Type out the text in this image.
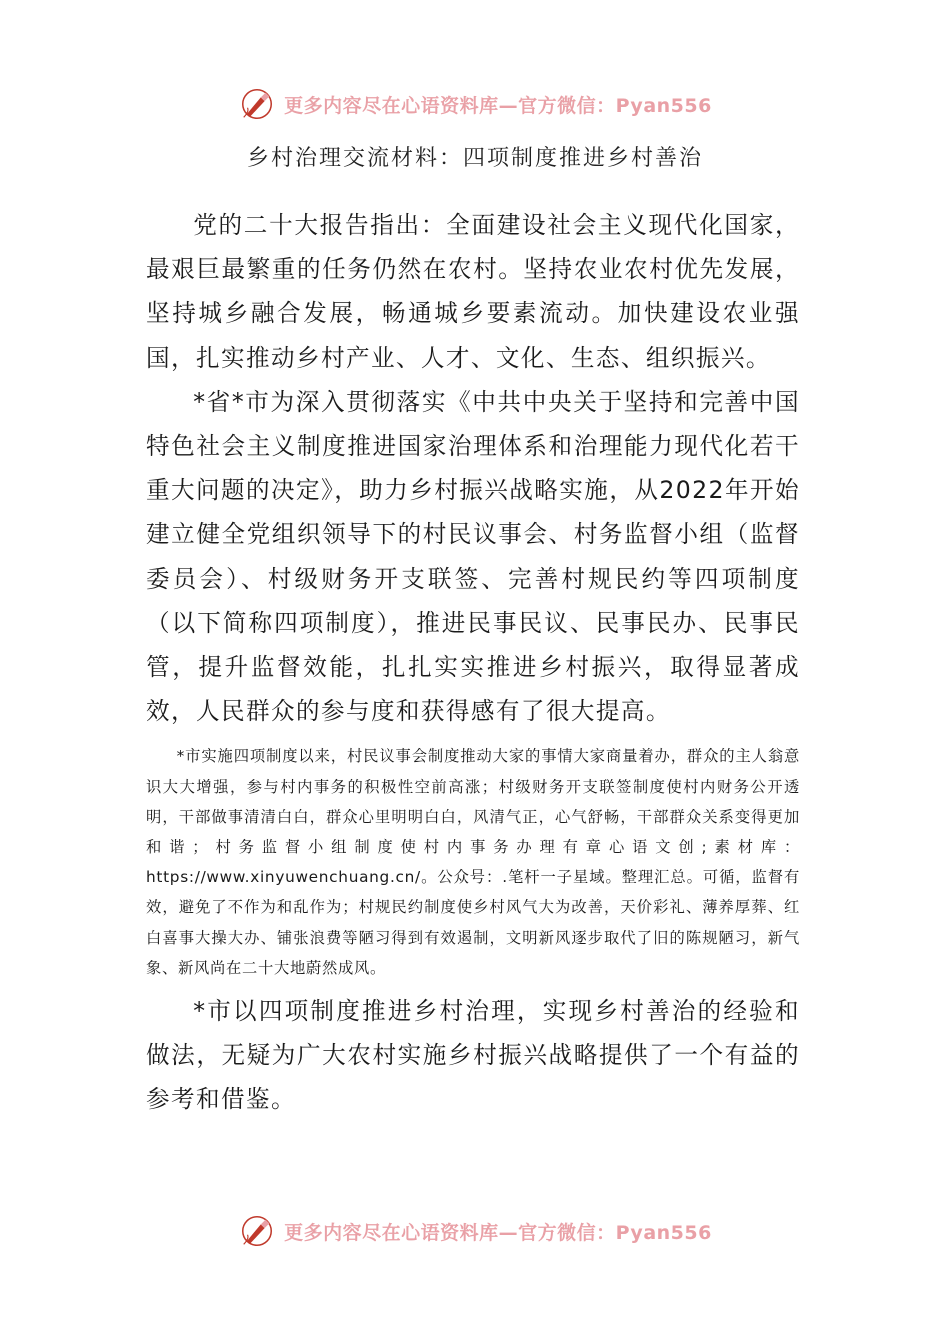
更多内容尽在心语资料库—官方微信：Pyan556
乡村治理交流材料：四项制度推进乡村善治

党的二十大报告指出：全面建设社会主义现代化国家，最艰巨最繁重的任务仍然在农村。坚持农业农村优先发展，坚持城乡融合发展，畅通城乡要素流动。加快建设农业强国，扎实推动乡村产业、人才、文化、生态、组织振兴。

*省*市为深入贯彻落实《中共中央关于坚持和完善中国特色社会主义制度推进国家治理体系和治理能力现代化若干重大问题的决定》，助力乡村振兴战略实施，从2022年开始建立健全党组织领导下的村民议事会、村务监督小组（监督委员会）、村级财务开支联签、完善村规民约等四项制度（以下简称四项制度），推进民事民议、民事民办、民事民管，提升监督效能，扎扎实实推进乡村振兴，取得显著成效，人民群众的参与度和获得感有了很大提高。

*市实施四项制度以来，村民议事会制度推动大家的事情大家商量着办，群众的主人翁意识大大增强，参与村内事务的积极性空前高涨；村级财务开支联签制度使村内财务公开透明，干部做事清清白白，群众心里明明白白，风清气正，心气舒畅，干部群众关系变得更加和谐；村务监督小组制度使村内事务办理有章心语文创;素材库：https://www.xinyuwenchuang.cn/。公众号：.笔杆一子星域。整理汇总。可循，监督有效，避免了不作为和乱作为；村规民约制度使乡村风气大为改善，天价彩礼、薄养厚葬、红白喜事大操大办、铺张浪费等陋习得到有效遏制，文明新风逐步取代了旧的陈规陋习，新气象、新风尚在二十大地蔚然成风。

*市以四项制度推进乡村治理，实现乡村善治的经验和做法，无疑为广大农村实施乡村振兴战略提供了一个有益的参考和借鉴。

更多内容尽在心语资料库—官方微信：Pyan556
